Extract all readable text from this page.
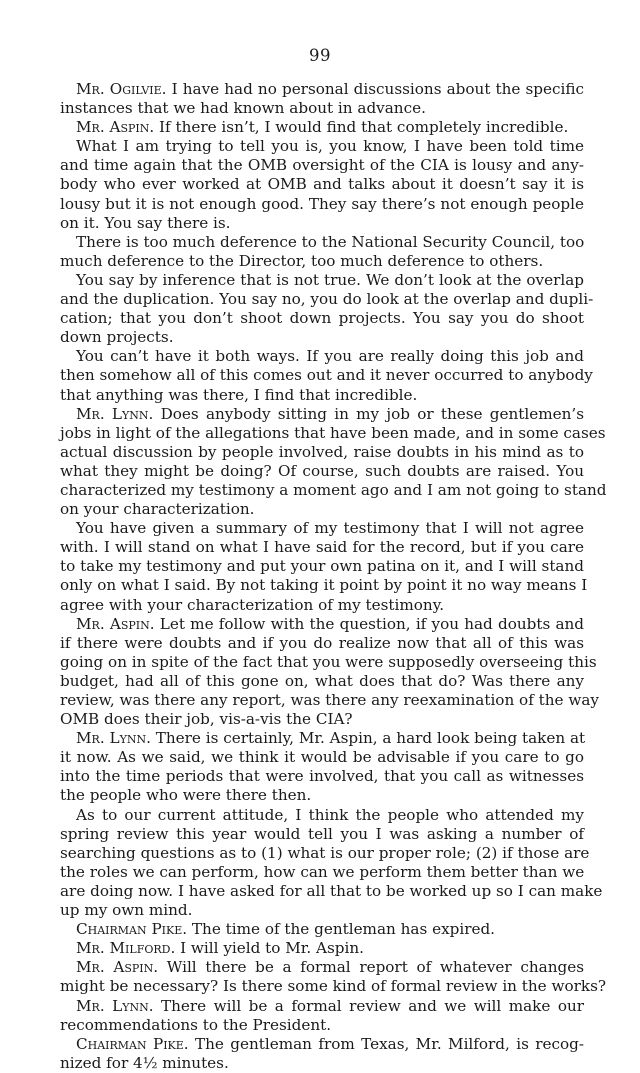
99
Mr. Ogilvie. I have had no personal discussions about the specific
instances that we had known about in advance.
Mr. Aspin. If there isn’t, I would find that completely incredible.
What I am trying to tell you is, you know, I have been told time
and time again that the OMB oversight of the CIA is lousy and any-
body who ever worked at OMB and talks about it doesn’t say it is
lousy but it is not enough good. They say there’s not enough people
on it. You say there is.
There is too much deference to the National Security Council, too
much deference to the Director, too much deference to others.
You say by inference that is not true. We don’t look at the overlap
and the duplication. You say no, you do look at the overlap and dupli-
cation; that you don’t shoot down projects. You say you do shoot
down projects.
You can’t have it both ways. If you are really doing this job and
then somehow all of this comes out and it never occurred to anybody
that anything was there, I find that incredible.
Mr. Lynn. Does anybody sitting in my job or these gentlemen’s
jobs in light of the allegations that have been made, and in some cases
actual discussion by people involved, raise doubts in his mind as to
what they might be doing? Of course, such doubts are raised. You
characterized my testimony a moment ago and I am not going to stand
on your characterization.
You have given a summary of my testimony that I will not agree
with. I will stand on what I have said for the record, but if you care
to take my testimony and put your own patina on it, and I will stand
only on what I said. By not taking it point by point it no way means I
agree with your characterization of my testimony.
Mr. Aspin. Let me follow with the question, if you had doubts and
if there were doubts and if you do realize now that all of this was
going on in spite of the fact that you were supposedly overseeing this
budget, had all of this gone on, what does that do? Was there any
review, was there any report, was there any reexamination of the way
OMB does their job, vis-a-vis the CIA?
Mr. Lynn. There is certainly, Mr. Aspin, a hard look being taken at
it now. As we said, we think it would be advisable if you care to go
into the time periods that were involved, that you call as witnesses
the people who were there then.
As to our current attitude, I think the people who attended my
spring review this year would tell you I was asking a number of
searching questions as to (1) what is our proper role; (2) if those are
the roles we can perform, how can we perform them better than we
are doing now. I have asked for all that to be worked up so I can make
up my own mind.
Chairman Pike. The time of the gentleman has expired.
Mr. Milford. I will yield to Mr. Aspin.
Mr. Aspin. Will there be a formal report of whatever changes
might be necessary? Is there some kind of formal review in the works?
Mr. Lynn. There will be a formal review and we will make our
recommendations to the President.
Chairman Pike. The gentleman from Texas, Mr. Milford, is recog-
nized for 4½ minutes.
